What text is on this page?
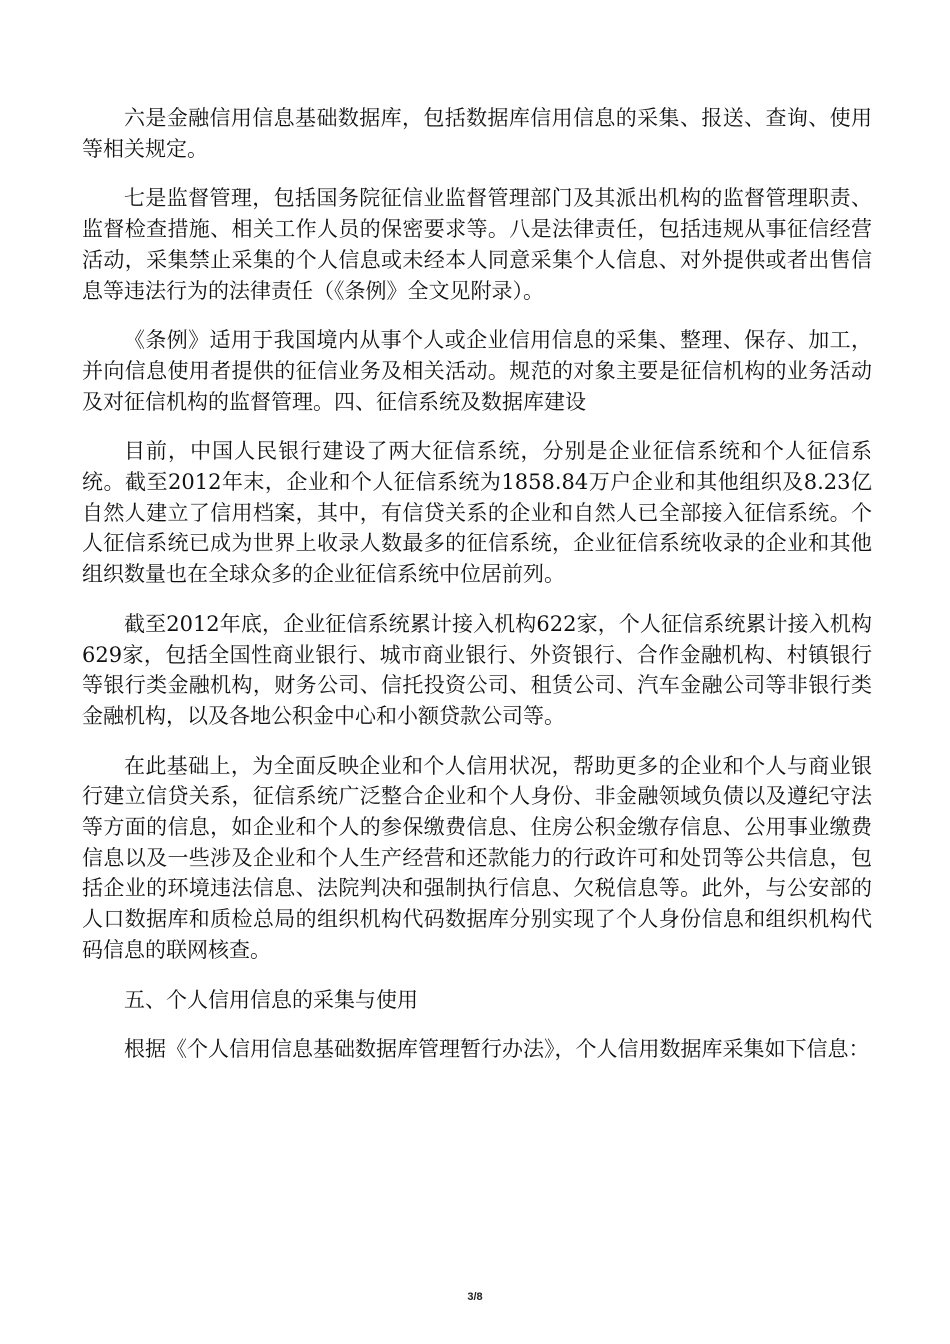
六是金融信用信息基础数据库，包括数据库信用信息的采集、报送、查询、使用等相关规定。

七是监督管理，包括国务院征信业监督管理部门及其派出机构的监督管理职责、监督检查措施、相关工作人员的保密要求等。八是法律责任，包括违规从事征信经营活动，采集禁止采集的个人信息或未经本人同意采集个人信息、对外提供或者出售信息等违法行为的法律责任（《条例》全文见附录）。

《条例》适用于我国境内从事个人或企业信用信息的采集、整理、保存、加工，并向信息使用者提供的征信业务及相关活动。规范的对象主要是征信机构的业务活动及对征信机构的监督管理。四、征信系统及数据库建设

目前，中国人民银行建设了两大征信系统，分别是企业征信系统和个人征信系统。截至2012年末，企业和个人征信系统为1858.84万户企业和其他组织及8.23亿自然人建立了信用档案，其中，有信贷关系的企业和自然人已全部接入征信系统。个人征信系统已成为世界上收录人数最多的征信系统，企业征信系统收录的企业和其他组织数量也在全球众多的企业征信系统中位居前列。

截至2012年底，企业征信系统累计接入机构622家，个人征信系统累计接入机构629家，包括全国性商业银行、城市商业银行、外资银行、合作金融机构、村镇银行等银行类金融机构，财务公司、信托投资公司、租赁公司、汽车金融公司等非银行类金融机构，以及各地公积金中心和小额贷款公司等。

在此基础上，为全面反映企业和个人信用状况，帮助更多的企业和个人与商业银行建立信贷关系，征信系统广泛整合企业和个人身份、非金融领域负债以及遵纪守法等方面的信息，如企业和个人的参保缴费信息、住房公积金缴存信息、公用事业缴费信息以及一些涉及企业和个人生产经营和还款能力的行政许可和处罚等公共信息，包括企业的环境违法信息、法院判决和强制执行信息、欠税信息等。此外，与公安部的人口数据库和质检总局的组织机构代码数据库分别实现了个人身份信息和组织机构代码信息的联网核查。

五、个人信用信息的采集与使用

根据《个人信用信息基础数据库管理暂行办法》，个人信用数据库采集如下信息：

3/8
